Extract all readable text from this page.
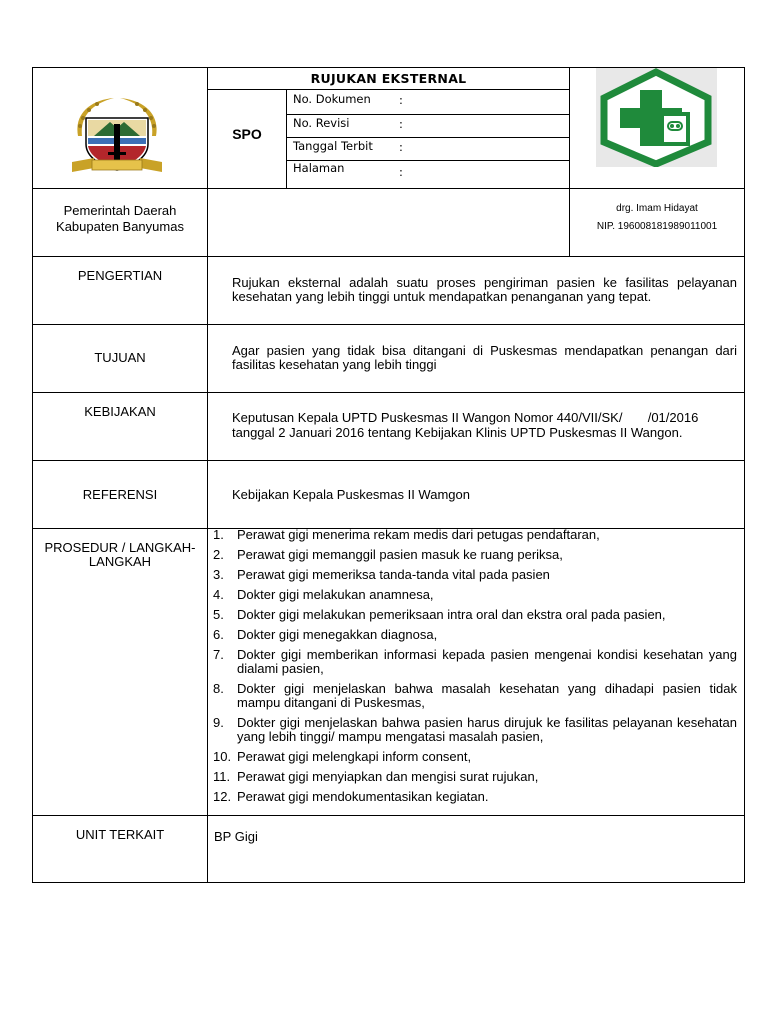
RUJUKAN EKSTERNAL
SPO
No. Dokumen :
No. Revisi	:
Tanggal Terbit :
Halaman	:
Pemerintah Daerah
Kabupaten Banyumas
drg. Imam Hidayat
NIP. 196008181989011001
PENGERTIAN	Rujukan eksternal adalah suatu proses pengiriman pasien ke fasilitas pelayanan kesehatan yang lebih tinggi untuk mendapatkan penanganan yang tepat.
TUJUAN	Agar pasien yang tidak bisa ditangani di Puskesmas mendapatkan penangan dari fasilitas kesehatan yang lebih tinggi
KEBIJAKAN	Keputusan Kepala UPTD Puskesmas II Wangon Nomor 440/VII/SK/       /01/2016
tanggal 2 Januari 2016 tentang Kebijakan Klinis UPTD Puskesmas II Wangon.
REFERENSI	Kebijakan Kepala Puskesmas II Wamgon
PROSEDUR / LANGKAH-
LANGKAH
1. Perawat gigi menerima rekam medis dari petugas pendaftaran,
2. Perawat gigi memanggil pasien masuk ke ruang periksa,
3. Perawat gigi memeriksa tanda-tanda vital pada pasien
4. Dokter gigi melakukan anamnesa,
5. Dokter gigi melakukan pemeriksaan intra oral dan ekstra oral pada pasien,
6. Dokter gigi menegakkan diagnosa,
7. Dokter gigi memberikan informasi kepada pasien mengenai kondisi kesehatan yang dialami pasien,
8. Dokter gigi menjelaskan bahwa masalah kesehatan yang dihadapi pasien tidak mampu ditangani di Puskesmas,
9. Dokter gigi menjelaskan bahwa pasien harus dirujuk ke fasilitas pelayanan kesehatan yang lebih tinggi/ mampu mengatasi masalah pasien,
10. Perawat gigi melengkapi inform consent,
11. Perawat gigi menyiapkan dan mengisi surat rujukan,
12. Perawat gigi mendokumentasikan kegiatan.
UNIT TERKAIT	BP Gigi
